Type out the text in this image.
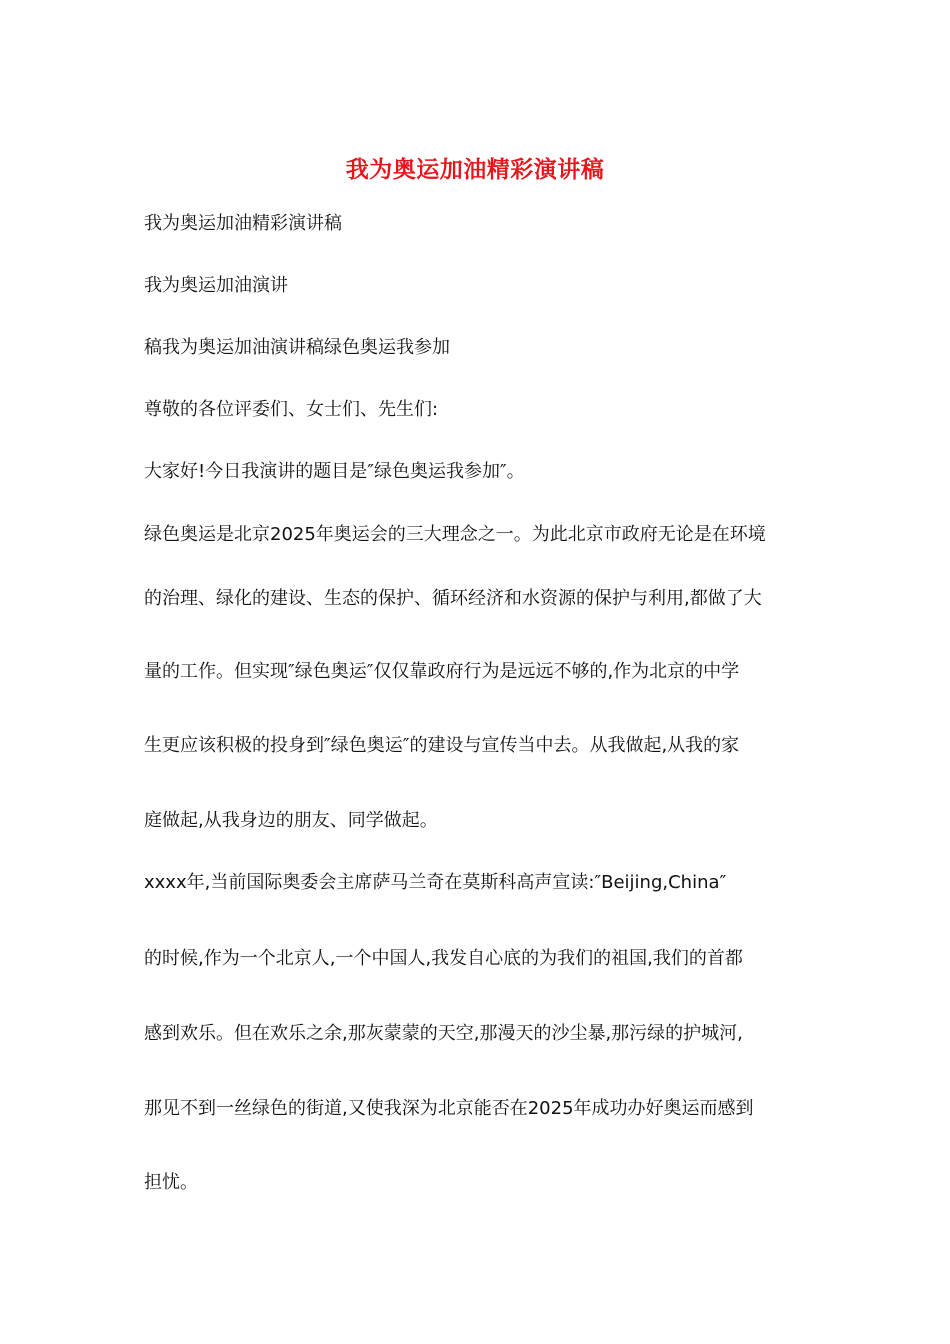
我为奥运加油精彩演讲稿
我为奥运加油精彩演讲稿
我为奥运加油演讲
稿我为奥运加油演讲稿绿色奥运我参加
尊敬的各位评委们、女士们、先生们:
大家好!今日我演讲的题目是″绿色奥运我参加″。
绿色奥运是北京2025年奥运会的三大理念之一。为此北京市政府无论是在环境
的治理、绿化的建设、生态的保护、循环经济和水资源的保护与利用,都做了大
量的工作。但实现″绿色奥运″仅仅靠政府行为是远远不够的,作为北京的中学
生更应该积极的投身到″绿色奥运″的建设与宣传当中去。从我做起,从我的家
庭做起,从我身边的朋友、同学做起。
xxxx年,当前国际奥委会主席萨马兰奇在莫斯科高声宣读:″Beijing,China″
的时候,作为一个北京人,一个中国人,我发自心底的为我们的祖国,我们的首都
感到欢乐。但在欢乐之余,那灰蒙蒙的天空,那漫天的沙尘暴,那污绿的护城河,
那见不到一丝绿色的街道,又使我深为北京能否在2025年成功办好奥运而感到
担忧。
